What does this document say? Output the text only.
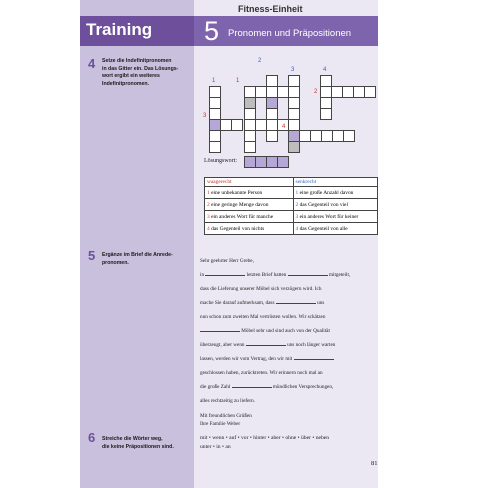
Training
Fitness-Einheit
5 Pronomen und Präpositionen
4 Setze die Indefinitpronomen
in das Gitter ein. Das Lösungs-
wort ergibt ein weiteres
Indefinitpronomen.	1	1
2
3	4
2
3
4
Lösungswort:
waagerecht	senkrecht
1 eine unbekannte Person	1 eine große Anzahl davon
2 eine geringe Menge davon	2 das Gegenteil von viel
3 ein anderes Wort für manche	3 ein anderes Wort für keiner
4 das Gegenteil von nichts	4 das Gegenteil von alle
5 Ergänze im Brief die Anrede-
pronomen.	Sehr geehrter Herr Grebe,

in	letzten Brief hatten	mitgeteilt,

dass die Lieferung unserer Möbel sich verzögern wird. Ich

mache Sie darauf aufmerksam, dass	uns

nun schon zum zweiten Mal vertrösten wollen. Wir schätzen

Möbel sehr und sind auch von der Qualität

überzeugt, aber wenn	uns noch länger warten

lassen, werden wir vom Vertrag, den wir mit

geschlossen haben, zurücktreten. Wir erinnern noch mal an

die große Zahl	mündlichen Versprechungen,

alles rechtzeitig zu liefern.

Mit freundlichen Grüßen
Ihre Familie Weber

6 Streiche die Wörter weg,
die keine Präpositionen sind.
mit • wenn • auf • vor • hinter • aber • ohne • über • neben
unter • in • an
81
